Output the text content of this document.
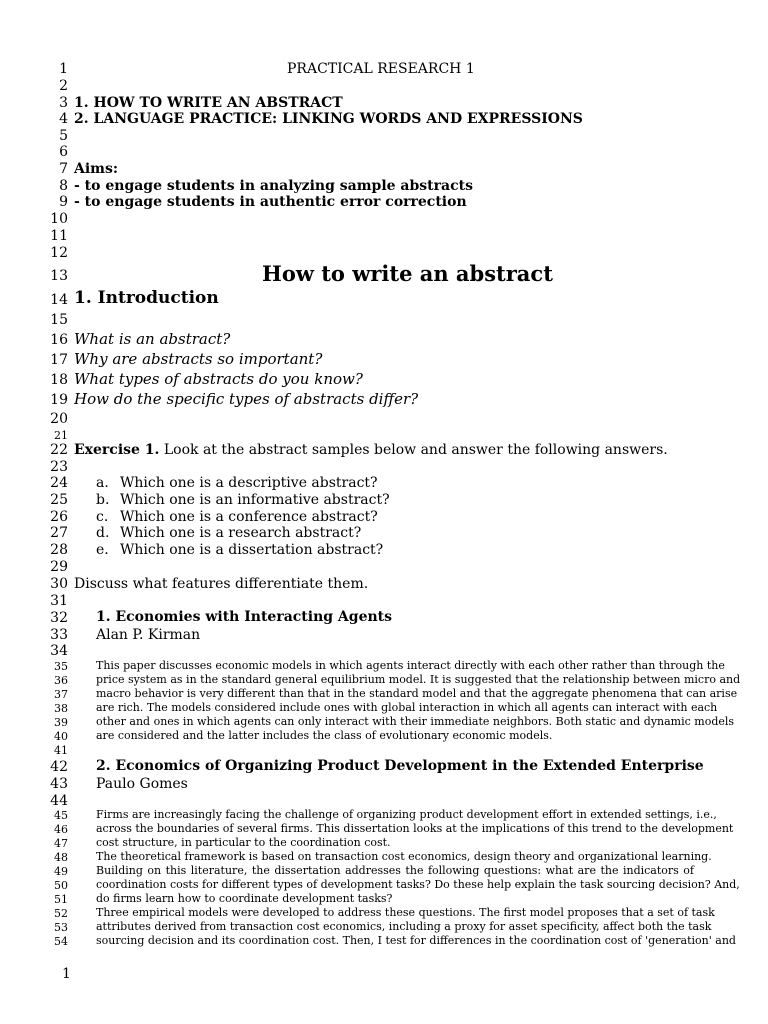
1	PRACTICAL RESEARCH 1
2
3 1. HOW TO WRITE AN ABSTRACT
4 2. LANGUAGE PRACTICE: LINKING WORDS AND EXPRESSIONS
5
6
7 Aims:
8 - to engage students in analyzing sample abstracts
9 - to engage students in authentic error correction
10
11
12
13	How to write an abstract
14 1. Introduction
15
16 What is an abstract?
17 Why are abstracts so important?
18 What types of abstracts do you know?
19 How do the specific types of abstracts differ?
20
21
22 Exercise 1. Look at the abstract samples below and answer the following answers.
23
24 a. Which one is a descriptive abstract?
25 b. Which one is an informative abstract?
26 c. Which one is a conference abstract?
27 d. Which one is a research abstract?
28 e. Which one is a dissertation abstract?
29
30 Discuss what features differentiate them.
31
32 1. Economies with Interacting Agents
33 Alan P. Kirman
34
35	This paper discusses economic models in which agents interact directly with each other rather than through the
36	price system as in the standard general equilibrium model. It is suggested that the relationship between micro and
37	macro behavior is very different than that in the standard model and that the aggregate phenomena that can arise
38	are rich. The models considered include ones with global interaction in which all agents can interact with each
39	other and ones in which agents can only interact with their immediate neighbors. Both static and dynamic models
40	are considered and the latter includes the class of evolutionary economic models.
41
42 2. Economics of Organizing Product Development in the Extended Enterprise
43 Paulo Gomes
44
45	Firms are increasingly facing the challenge of organizing product development effort in extended settings, i.e.,
46	across the boundaries of several firms. This dissertation looks at the implications of this trend to the development
47	cost structure, in particular to the coordination cost.
48	The theoretical framework is based on transaction cost economics, design theory and organizational learning.
49	Building on this literature, the dissertation addresses the following questions: what are the indicators of
50	coordination costs for different types of development tasks? Do these help explain the task sourcing decision? And,
51	do firms learn how to coordinate development tasks?
52	Three empirical models were developed to address these questions. The first model proposes that a set of task
53	attributes derived from transaction cost economics, including a proxy for asset specificity, affect both the task
54	sourcing decision and its coordination cost. Then, I test for differences in the coordination cost of 'generation' and
1
